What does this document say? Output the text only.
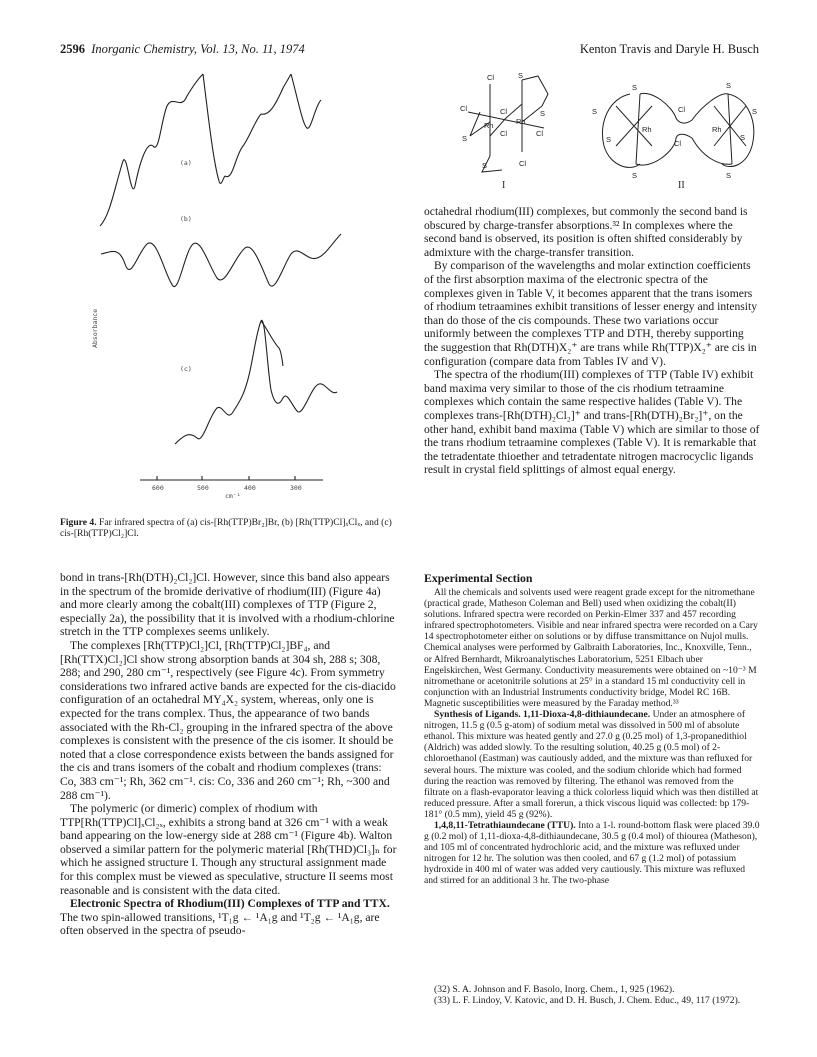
2596 Inorganic Chemistry, Vol. 13, No. 11, 1974	Kenton Travis and Daryle H. Busch
(a)
(b)
(c)
Absorbance
600	500	400	300
cm⁻¹
Figure 4. Far infrared spectra of (a) cis-[Rh(TTP)Br₂]Br, (b) [Rh(TTP)Cl]ₓClₓ, and (c) cis-[Rh(TTP)Cl₂]Cl.
Cl	S
Cl	Cl	S
Rh	Rh
S
Cl	Cl
S	Cl
S	S
S	Cl	S
Rh	Rh
S	Cl
S
S	S
I	II

octahedral rhodium(III) complexes, but commonly the second band is obscured by charge-transfer absorptions.³² In complexes where the second band is observed, its position is often shifted considerably by admixture with the charge-transfer transition.

By comparison of the wavelengths and molar extinction coefficients of the first absorption maxima of the electronic spectra of the complexes given in Table V, it becomes apparent that the trans isomers of rhodium tetraamines exhibit transitions of lesser energy and intensity than do those of the cis compounds. These two variations occur uniformly between the complexes TTP and DTH, thereby supporting the suggestion that Rh(DTH)X₂⁺ are trans while Rh(TTP)X₂⁺ are cis in configuration (compare data from Tables IV and V).

The spectra of the rhodium(III) complexes of TTP (Table IV) exhibit band maxima very similar to those of the cis rhodium tetraamine complexes which contain the same respective halides (Table V). The complexes trans-[Rh(DTH)₂Cl₂]⁺ and trans-[Rh(DTH)₂Br₂]⁺, on the other hand, exhibit band maxima (Table V) which are similar to those of the trans rhodium tetraamine complexes (Table V). It is remarkable that the tetradentate thioether and tetradentate nitrogen macrocyclic ligands result in crystal field splittings of almost equal energy.

bond in trans-[Rh(DTH)₂Cl₂]Cl. However, since this band also appears in the spectrum of the bromide derivative of rhodium(III) (Figure 4a) and more clearly among the cobalt(III) complexes of TTP (Figure 2, especially 2a), the possibility that it is involved with a rhodium-chlorine stretch in the TTP complexes seems unlikely.

The complexes [Rh(TTP)Cl₂]Cl, [Rh(TTP)Cl₂]BF₄, and [Rh(TTX)Cl₂]Cl show strong absorption bands at 304 sh, 288 s; 308, 288; and 290, 280 cm⁻¹, respectively (see Figure 4c). From symmetry considerations two infrared active bands are expected for the cis-diacido configuration of an octahedral MY₄X₂ system, whereas, only one is expected for the trans complex. Thus, the appearance of two bands associated with the Rh-Cl₂ grouping in the infrared spectra of the above complexes is consistent with the presence of the cis isomer. It should be noted that a close correspondence exists between the bands assigned for the cis and trans isomers of the cobalt and rhodium complexes (trans: Co, 383 cm⁻¹; Rh, 362 cm⁻¹. cis: Co, 336 and 260 cm⁻¹; Rh, ~300 and 288 cm⁻¹).

The polymeric (or dimeric) complex of rhodium with TTP[Rh(TTP)Cl]ₓCl₂ₓ, exhibits a strong band at 326 cm⁻¹ with a weak band appearing on the low-energy side at 288 cm⁻¹ (Figure 4b). Walton observed a similar pattern for the polymeric material [Rh(THD)Cl₃]ₙ for which he assigned structure I. Though any structural assignment made for this complex must be viewed as speculative, structure II seems most reasonable and is consistent with the data cited.

Electronic Spectra of Rhodium(III) Complexes of TTP and TTX. The two spin-allowed transitions, ¹T₁g ← ¹A₁g and ¹T₂g ← ¹A₁g, are often observed in the spectra of pseudo-

Experimental Section

All the chemicals and solvents used were reagent grade except for the nitromethane (practical grade, Matheson Coleman and Bell) used when oxidizing the cobalt(II) solutions. Infrared spectra were recorded on Perkin-Elmer 337 and 457 recording infrared spectrophotometers. Visible and near infrared spectra were recorded on a Cary 14 spectrophotometer either on solutions or by diffuse transmittance on Nujol mulls. Chemical analyses were performed by Galbraith Laboratories, Inc., Knoxville, Tenn., or Alfred Bernhardt, Mikroanalytisches Laboratorium, 5251 Elbach uber Engelskirchen, West Germany. Conductivity measurements were obtained on ~10⁻³ M nitromethane or acetonitrile solutions at 25° in a standard 15 ml conductivity cell in conjunction with an Industrial Instruments conductivity bridge, Model RC 16B. Magnetic susceptibilities were measured by the Faraday method.³³

Synthesis of Ligands. 1,11-Dioxa-4,8-dithiaundecane. Under an atmosphere of nitrogen, 11.5 g (0.5 g-atom) of sodium metal was dissolved in 500 ml of absolute ethanol. This mixture was heated gently and 27.0 g (0.25 mol) of 1,3-propanedithiol (Aldrich) was added slowly. To the resulting solution, 40.25 g (0.5 mol) of 2-chloroethanol (Eastman) was cautiously added, and the mixture was than refluxed for several hours. The mixture was cooled, and the sodium chloride which had formed during the reaction was removed by filtering. The ethanol was removed from the filtrate on a flash-evaporator leaving a thick colorless liquid which was then distilled at reduced pressure. After a small forerun, a thick viscous liquid was collected: bp 179-181° (0.5 mm), yield 45 g (92%).

1,4,8,11-Tetrathiaundecane (TTU). Into a 1-l. round-bottom flask were placed 39.0 g (0.2 mol) of 1,11-dioxa-4,8-dithiaundecane, 30.5 g (0.4 mol) of thiourea (Matheson), and 105 ml of concentrated hydrochloric acid, and the mixture was refluxed under nitrogen for 12 hr. The solution was then cooled, and 67 g (1.2 mol) of potassium hydroxide in 400 ml of water was added very cautiously. This mixture was refluxed and stirred for an additional 3 hr. The two-phase

(32) S. A. Johnson and F. Basolo, Inorg. Chem., 1, 925 (1962).

(33) L. F. Lindoy, V. Katovic, and D. H. Busch, J. Chem. Educ., 49, 117 (1972).
